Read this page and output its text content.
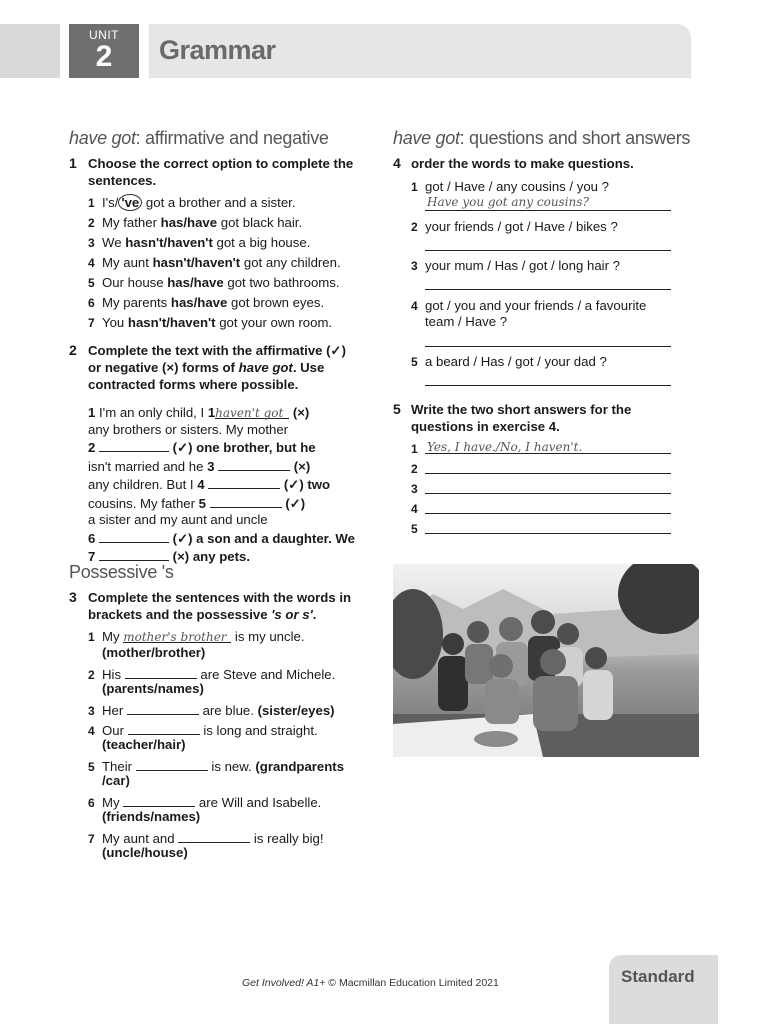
UNIT
2	Grammar
have got: affirmative and negative
1 Choose the correct option to complete the sentences.
1 I's/ 've got a brother and a sister.
2 My father has/have got black hair.
3 We hasn't/haven't got a big house.
4 My aunt hasn't/haven't got any children.
5 Our house has/have got two bathrooms.
6 My parents has/have got brown eyes.
7 You hasn't/haven't got your own room.
2 Complete the text with the affirmative (✓)
or negative (×) forms of have got. Use
contracted forms where possible.
1 I'm an only child, I 1haven't got (×)
any brothers or sisters. My mother
2	(✓) one brother, but he
isn't married and he 3	(×)
any children. But I 4	(✓) two
cousins. My father 5	(✓)
a sister and my aunt and uncle
6	(✓) a son and a daughter. We
7	(×) any pets.
Possessive 's
3 Complete the sentences with the words in
brackets and the possessive 's or s'.
1 My mother's brother is my uncle.
(mother/brother)
2 His	are Steve and Michele.
(parents/names)
3 Her	are blue. (sister/eyes)
4 Our	is long and straight.
(teacher/hair)
5 Their	is new. (grandparents
/car)
6 My	are Will and Isabelle.
(friends/names)
7 My aunt and	is really big!
(uncle/house)
have got: questions and short answers
4 order the words to make questions.
1 got / Have / any cousins / you ?
Have you got any cousins?
2 your friends / got / Have / bikes ?
3 your mum / Has / got / long hair ?
4 got / you and your friends / a favourite
team / Have ?
5 a beard / Has / got / your dad ?
5 Write the two short answers for the
questions in exercise 4.
1 Yes, I have./No, I haven't.
2
3
4
5
Get Involved! A1+ © Macmillan Education Limited 2021	Standard
